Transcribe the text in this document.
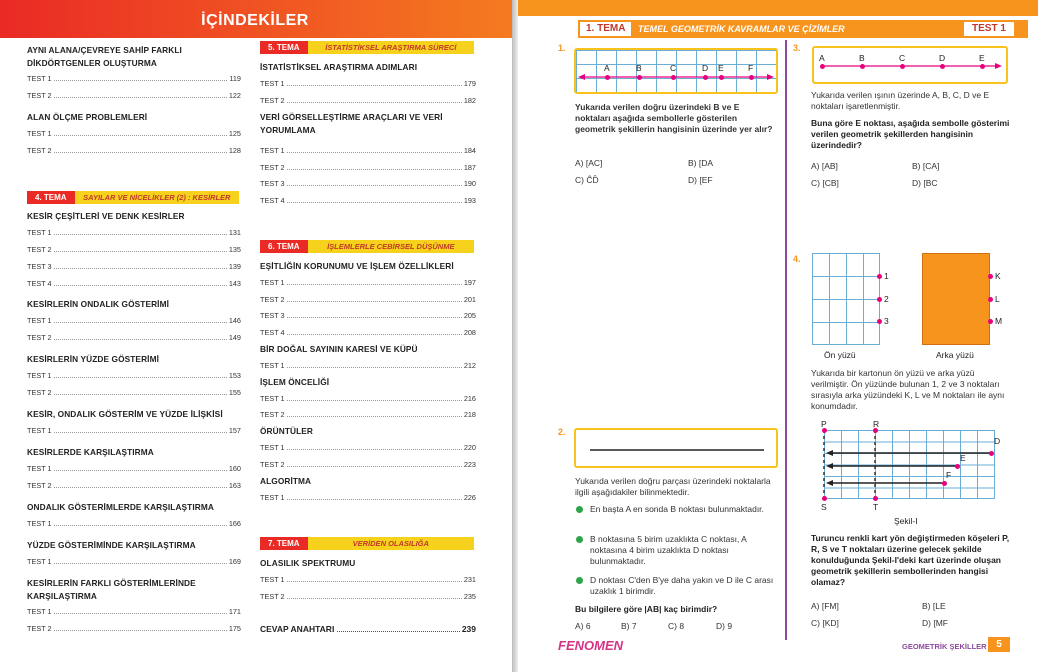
İÇİNDEKİLER
AYNI ALANA/ÇEVREYE SAHİP FARKLI
DİKDÖRTGENLER OLUŞTURMA
TEST 1	119
TEST 2	122
ALAN ÖLÇME PROBLEMLERİ
TEST 1	125
TEST 2	128
4. TEMA	SAYILAR VE NİCELİKLER (2) : KESİRLER
KESİR ÇEŞİTLERİ VE DENK KESİRLER
TEST 1	131
TEST 2	135
TEST 3	139
TEST 4	143
KESİRLERİN ONDALIK GÖSTERİMİ
TEST 1	146
TEST 2	149
KESİRLERİN YÜZDE GÖSTERİMİ
TEST 1	153
TEST 2	155
KESİR, ONDALIK GÖSTERİM VE YÜZDE İLİŞKİSİ
TEST 1	157
KESİRLERDE KARŞILAŞTIRMA
TEST 1	160
TEST 2	163
ONDALIK GÖSTERİMLERDE KARŞILAŞTIRMA
TEST 1	166
YÜZDE GÖSTERİMİNDE KARŞILAŞTIRMA
TEST 1	169
KESİRLERİN FARKLI GÖSTERİMLERİNDE
KARŞILAŞTIRMA
TEST 1	171
TEST 2	175
5. TEMA	İSTATİSTİKSEL ARAŞTIRMA SÜRECİ
İSTATİSTİKSEL ARAŞTIRMA ADIMLARI
TEST 1	179
TEST 2	182
VERİ GÖRSELLEŞTİRME ARAÇLARI VE VERİ
YORUMLAMA
TEST 1	184
TEST 2	187
TEST 3	190
TEST 4	193
6. TEMA	İŞLEMLERLE CEBİRSEL DÜŞÜNME
EŞİTLİĞİN KORUNUMU VE İŞLEM ÖZELLİKLERİ
TEST 1	197
TEST 2	201
TEST 3	205
TEST 4	208
BİR DOĞAL SAYININ KARESİ VE KÜPÜ
TEST 1	212
İŞLEM ÖNCELİĞİ
TEST 1	216
TEST 2	218
ÖRÜNTÜLER
TEST 1	220
TEST 2	223
ALGORİTMA
TEST 1	226
7. TEMA	VERİDEN OLASILIĞA
OLASILIK SPEKTRUMU
TEST 1	231
TEST 2	235
CEVAP ANAHTARI	239
1. TEMA	TEMEL GEOMETRİK KAVRAMLAR VE ÇİZİMLER	TEST 1
1.
A	B	C	D E	F
Yukarıda verilen doğru üzerindeki B ve E noktaları aşağıda sembollerle gösterilen geometrik şekillerin hangisinin üzerinde yer alır?
A) [AC]	B) [DA
C) ĈD̂	D) [EF
2.
Yukarıda verilen doğru parçası üzerindeki noktalarla ilgili aşağıdakiler bilinmektedir.
En başta A en sonda B noktası bulunmaktadır.
B noktasına 5 birim uzaklıkta C noktası, A noktasına 4 birim uzaklıkta D noktası bulunmaktadır.
D noktası C'den B'ye daha yakın ve D ile C arası uzaklık 1 birimdir.
Bu bilgilere göre |AB| kaç birimdir?
A) 6	B) 7	C) 8	D) 9
3.
A	B	C	D	E
Yukarıda verilen ışının üzerinde A, B, C, D ve E noktaları işaretlenmiştir.
Buna göre E noktası, aşağıda sembolle gösterimi verilen geometrik şekillerden hangisinin üzerindedir?
A) [AB]	B) [CA]
C) [CB]	D) [BC
4.
1
2
3
K
L
M
Ön yüzü	Arka yüzü
Yukarıda bir kartonun ön yüzü ve arka yüzü verilmiştir. Ön yüzünde bulunan 1, 2 ve 3 noktaları sırasıyla arka yüzündeki K, L ve M noktaları ile aynı konumdadır.
P	R
D
E
F
S	T
Şekil-I
Turuncu renkli kart yön değiştirmeden köşeleri P, R, S ve T noktaları üzerine gelecek şekilde konulduğunda Şekil-I'deki kart üzerinde oluşan geometrik şekillerin sembollerinden hangisi olamaz?
A) [FM]	B) [LE
C) [KD]	D) [MF
FENOMEN	GEOMETRİK ŞEKİLLER 5
